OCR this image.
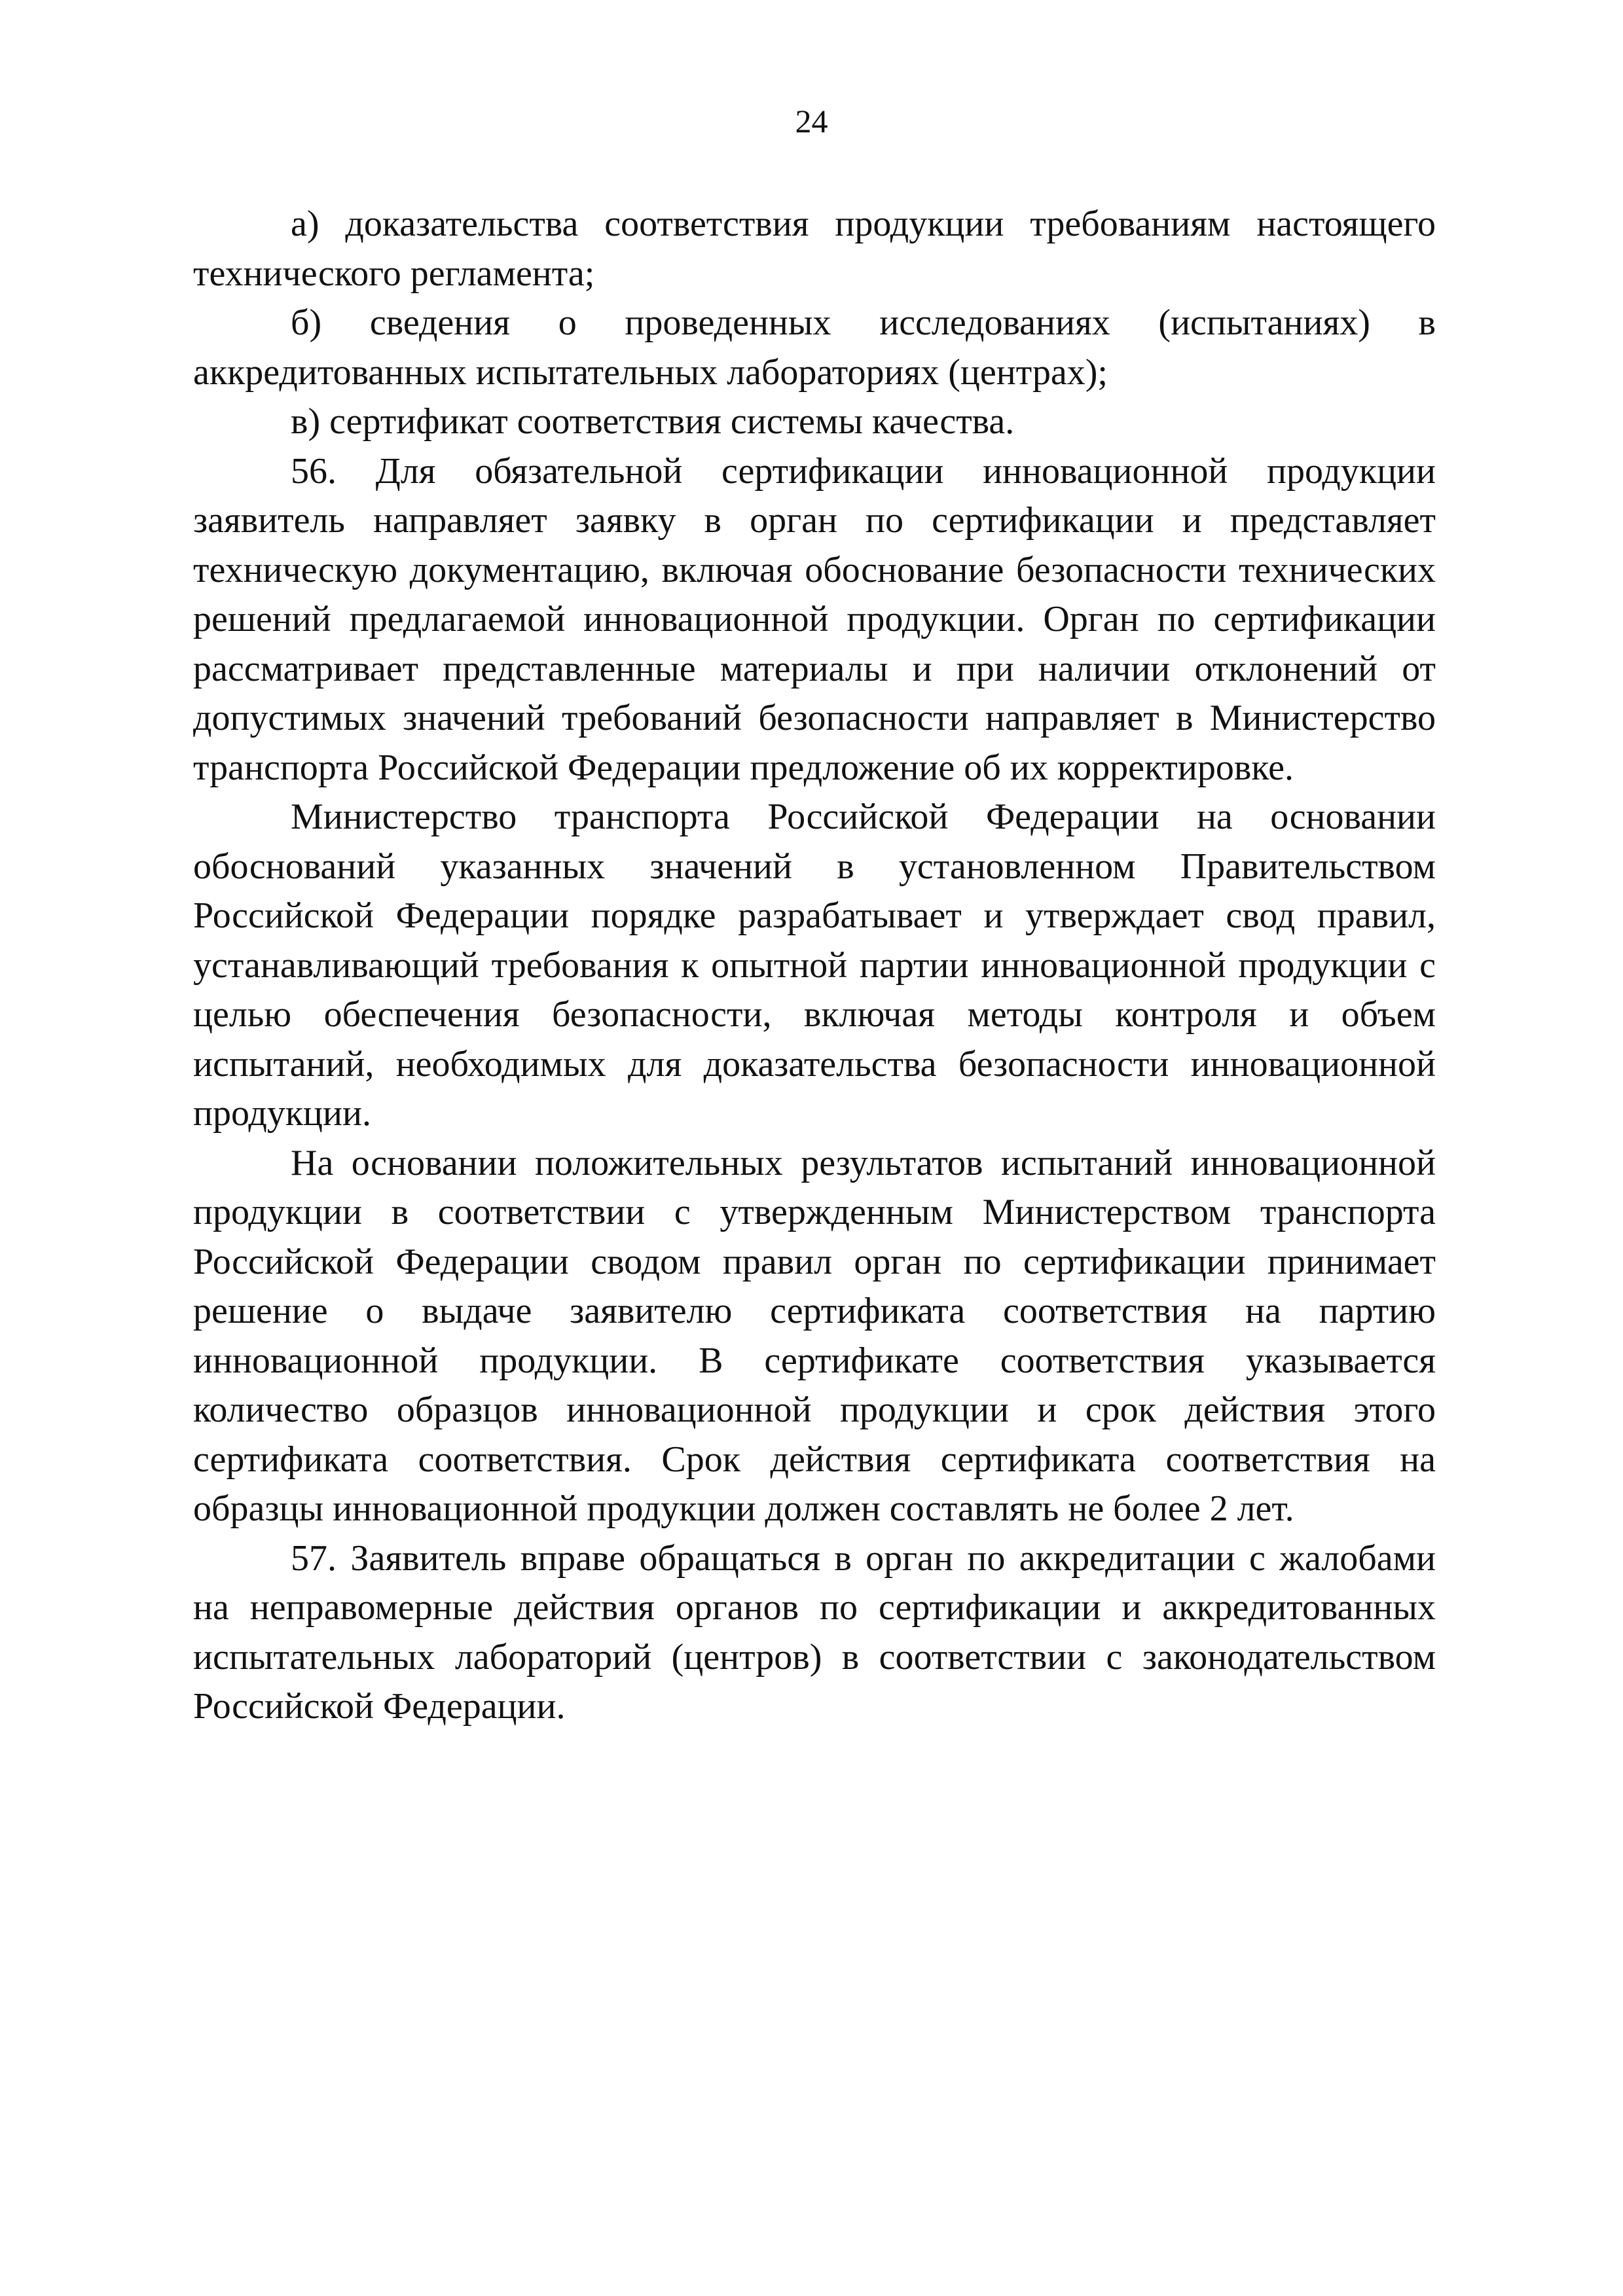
24

а) доказательства соответствия продукции требованиям настоящего технического регламента;

б) сведения о проведенных исследованиях (испытаниях) в аккредитованных испытательных лабораториях (центрах);

в) сертификат соответствия системы качества.

56. Для обязательной сертификации инновационной продукции заявитель направляет заявку в орган по сертификации и представляет техническую документацию, включая обоснование безопасности технических решений предлагаемой инновационной продукции. Орган по сертификации рассматривает представленные материалы и при наличии отклонений от допустимых значений требований безопасности направляет в Министерство транспорта Российской Федерации предложение об их корректировке.

Министерство транспорта Российской Федерации на основании обоснований указанных значений в установленном Правительством Российской Федерации порядке разрабатывает и утверждает свод правил, устанавливающий требования к опытной партии инновационной продукции с целью обеспечения безопасности, включая методы контроля и объем испытаний, необходимых для доказательства безопасности инновационной продукции.

На основании положительных результатов испытаний инновационной продукции в соответствии с утвержденным Министерством транспорта Российской Федерации сводом правил орган по сертификации принимает решение о выдаче заявителю сертификата соответствия на партию инновационной продукции. В сертификате соответствия указывается количество образцов инновационной продукции и срок действия этого сертификата соответствия. Срок действия сертификата соответствия на образцы инновационной продукции должен составлять не более 2 лет.

57. Заявитель вправе обращаться в орган по аккредитации с жалобами на неправомерные действия органов по сертификации и аккредитованных испытательных лабораторий (центров) в соответствии с законодательством Российской Федерации.
